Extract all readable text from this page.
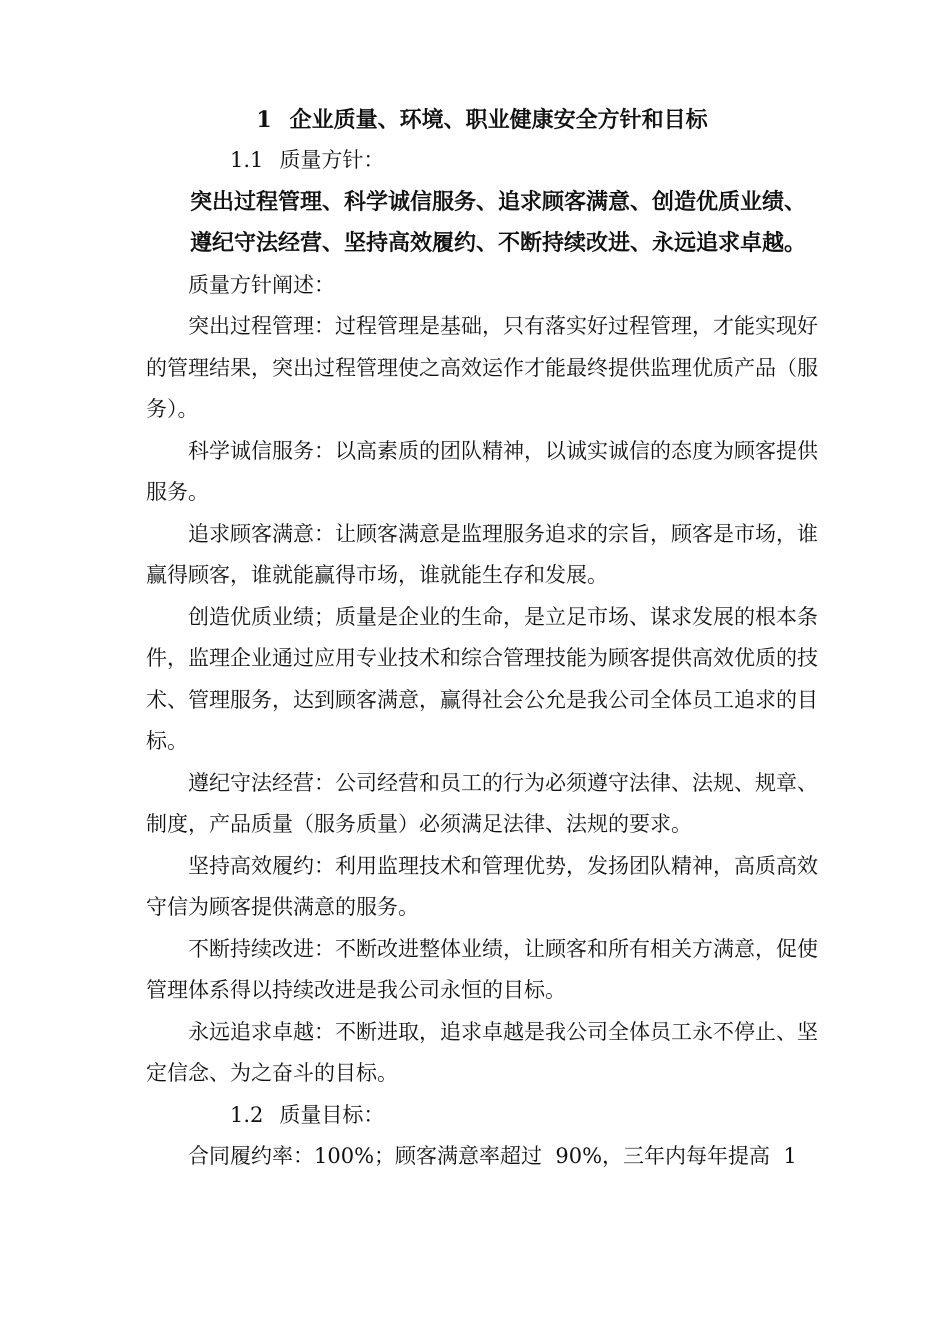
1 企业质量、环境、职业健康安全方针和目标

1.1 质量方针：

突出过程管理、科学诚信服务、追求顾客满意、创造优质业绩、

遵纪守法经营、坚持高效履约、不断持续改进、永远追求卓越。

质量方针阐述：

突出过程管理：过程管理是基础，只有落实好过程管理，才能实现好的管理结果，突出过程管理使之高效运作才能最终提供监理优质产品（服务）。

科学诚信服务：以高素质的团队精神，以诚实诚信的态度为顾客提供服务。

追求顾客满意：让顾客满意是监理服务追求的宗旨，顾客是市场，谁赢得顾客，谁就能赢得市场，谁就能生存和发展。

创造优质业绩；质量是企业的生命，是立足市场、谋求发展的根本条件，监理企业通过应用专业技术和综合管理技能为顾客提供高效优质的技术、管理服务，达到顾客满意，赢得社会公允是我公司全体员工追求的目标。

遵纪守法经营：公司经营和员工的行为必须遵守法律、法规、规章、制度，产品质量（服务质量）必须满足法律、法规的要求。

坚持高效履约：利用监理技术和管理优势，发扬团队精神，高质高效守信为顾客提供满意的服务。

不断持续改进：不断改进整体业绩，让顾客和所有相关方满意，促使管理体系得以持续改进是我公司永恒的目标。

永远追求卓越：不断进取，追求卓越是我公司全体员工永不停止、坚定信念、为之奋斗的目标。

1.2 质量目标：

合同履约率：100%；顾客满意率超过  90%，三年内每年提高  1
